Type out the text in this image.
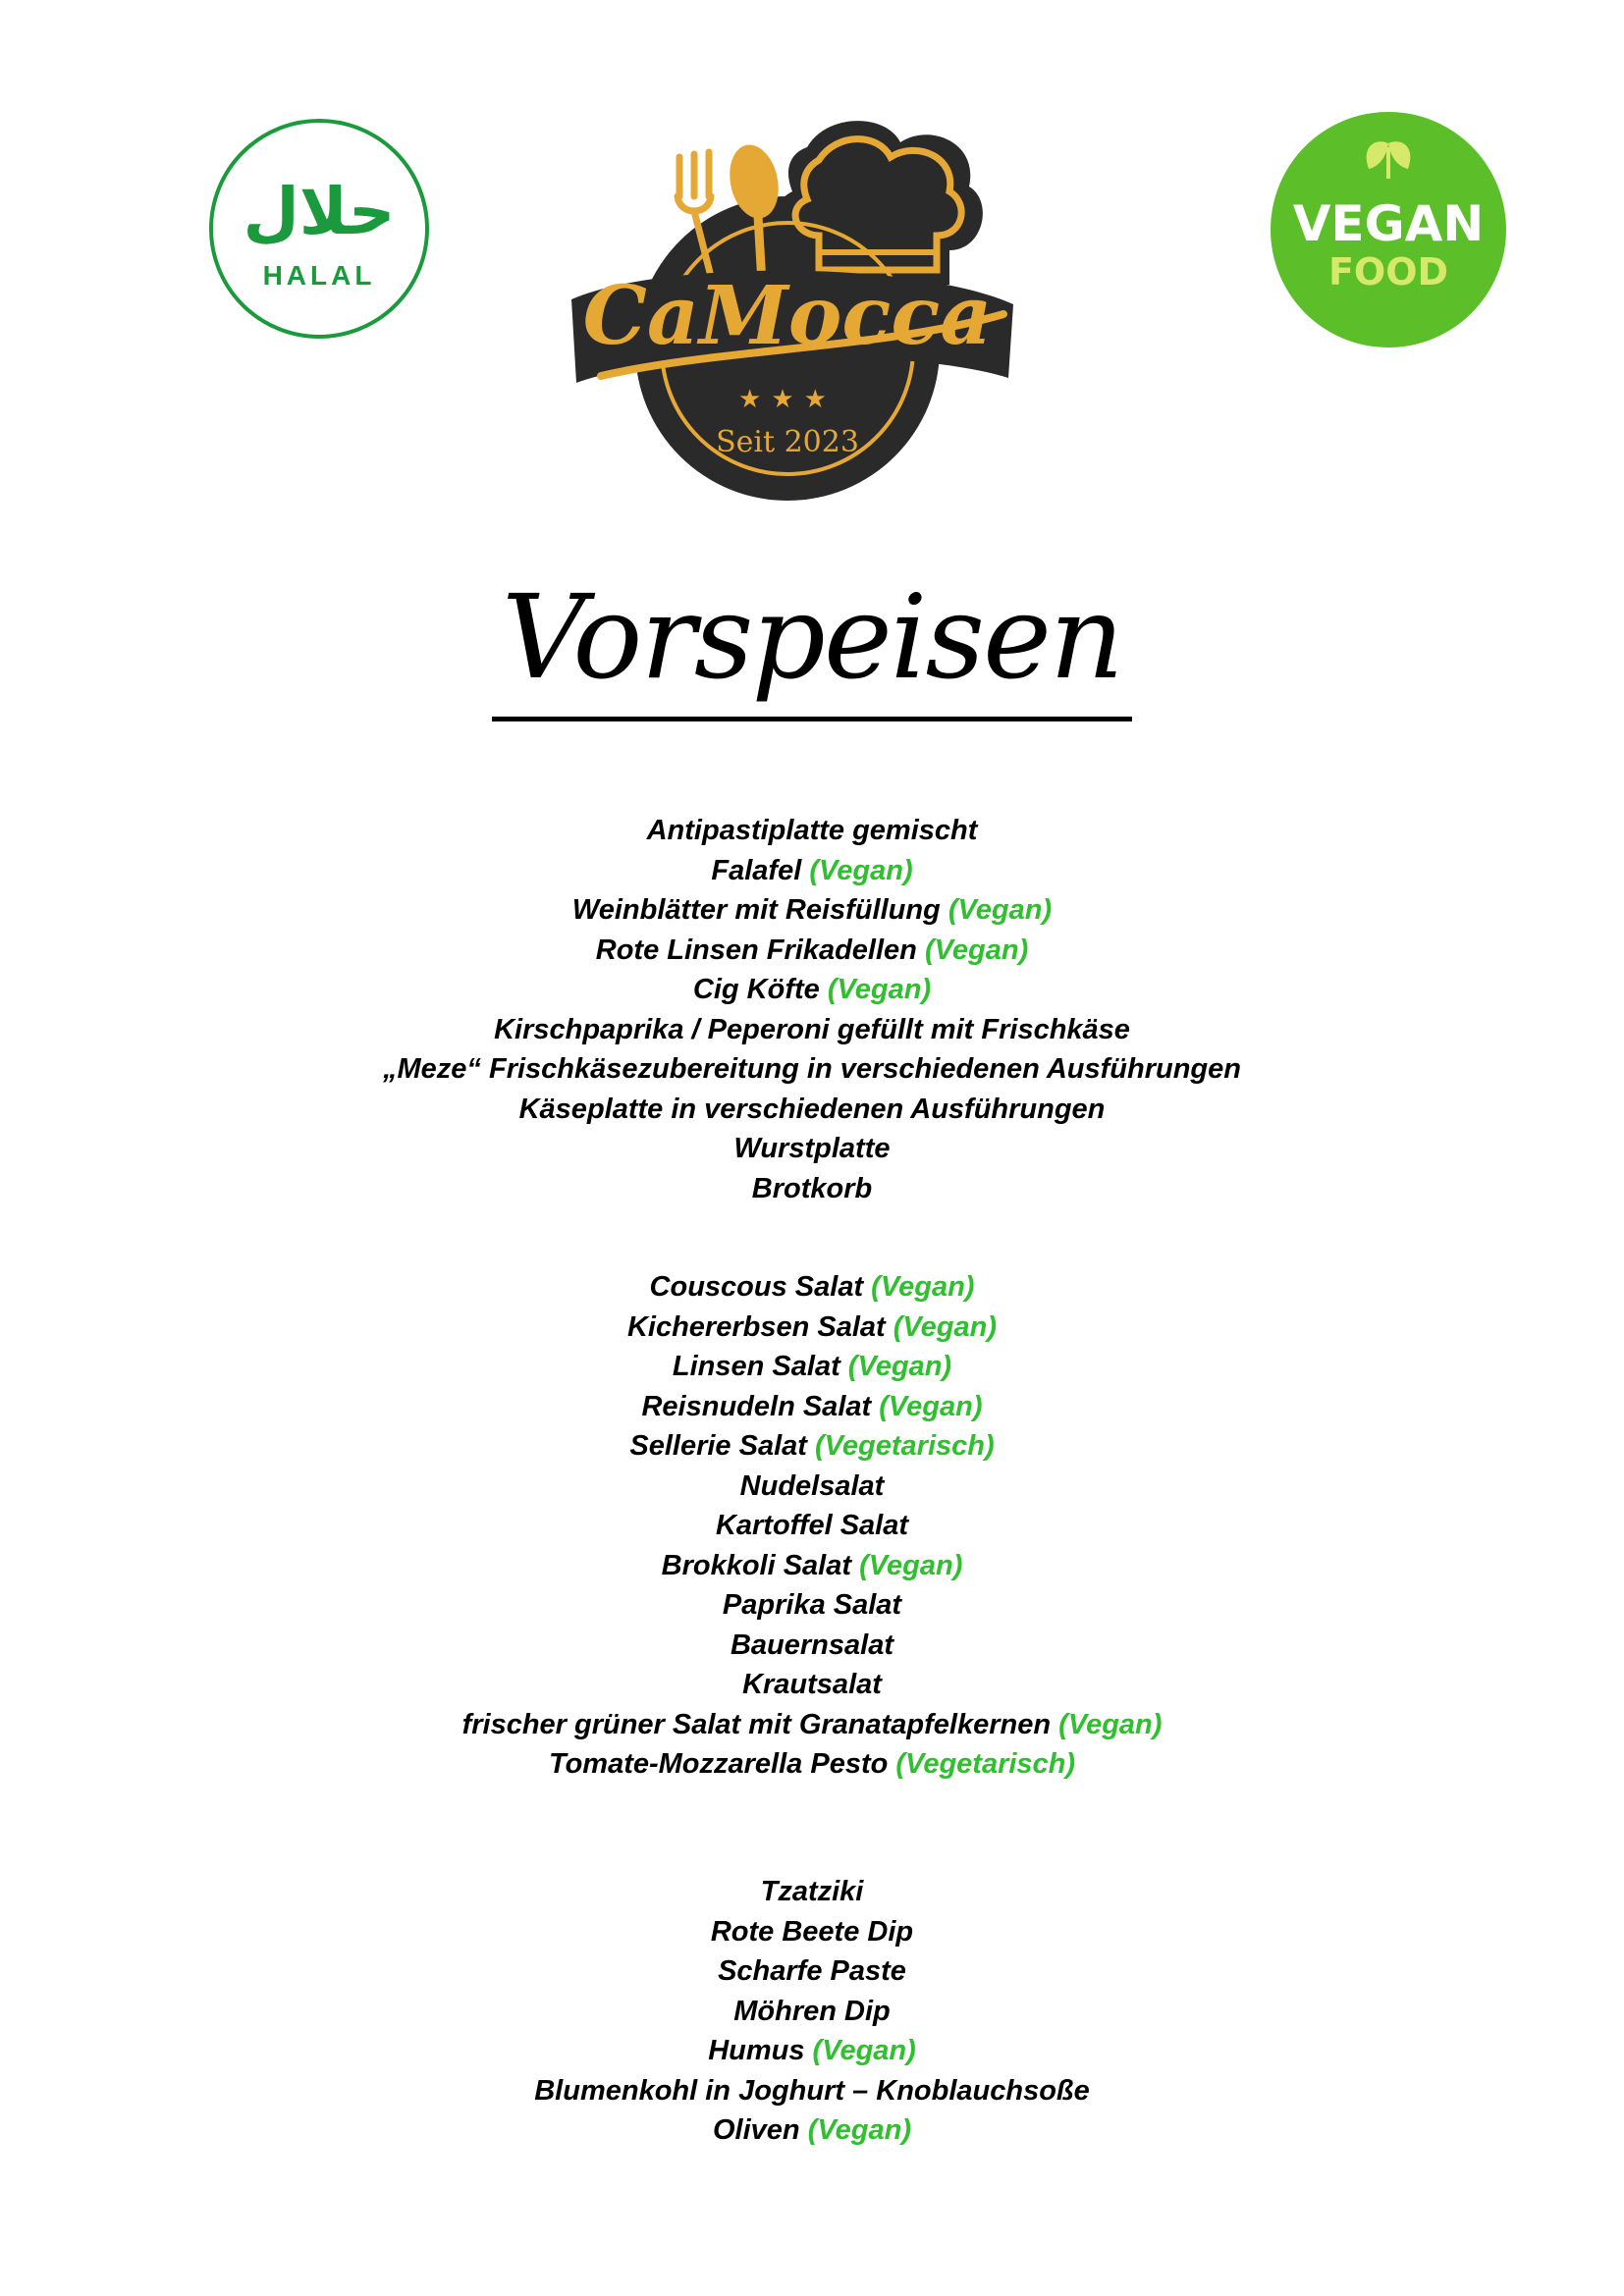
حلال
HALAL	CaMocca
★★★
Seit 2023
VEGAN
FOOD
Vorspeisen
Antipastiplatte gemischt
Falafel (Vegan)
Weinblätter mit Reisfüllung (Vegan)
Rote Linsen Frikadellen (Vegan)
Cig Köfte (Vegan)
Kirschpaprika / Peperoni gefüllt mit Frischkäse
„Meze“ Frischkäsezubereitung in verschiedenen Ausführungen
Käseplatte in verschiedenen Ausführungen
Wurstplatte
Brotkorb
Couscous Salat (Vegan)
Kichererbsen Salat (Vegan)
Linsen Salat (Vegan)
Reisnudeln Salat (Vegan)
Sellerie Salat (Vegetarisch)
Nudelsalat
Kartoffel Salat
Brokkoli Salat (Vegan)
Paprika Salat
Bauernsalat
Krautsalat
frischer grüner Salat mit Granatapfelkernen (Vegan)
Tomate-Mozzarella Pesto (Vegetarisch)
Tzatziki
Rote Beete Dip
Scharfe Paste
Möhren Dip
Humus (Vegan)
Blumenkohl in Joghurt – Knoblauchsoße
Oliven (Vegan)
